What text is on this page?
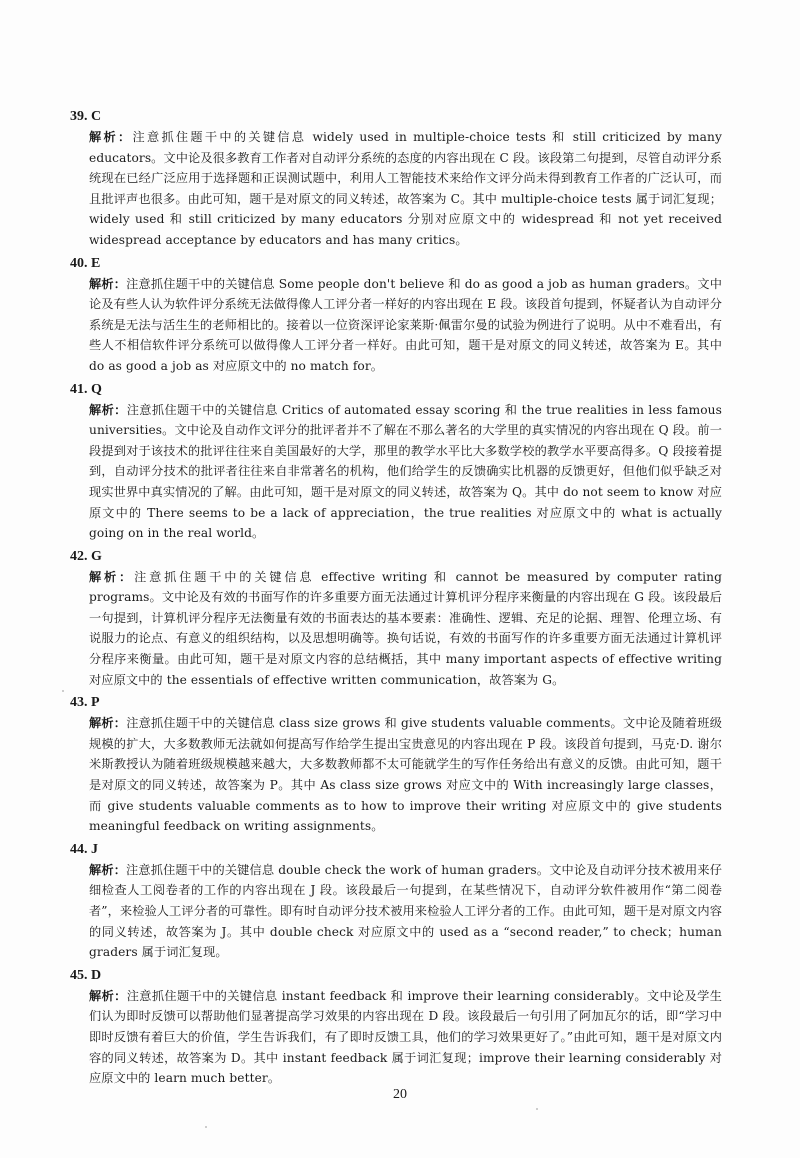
39. C

解析：注意抓住题干中的关键信息 widely used in multiple-choice tests 和 still criticized by many educators。文中论及很多教育工作者对自动评分系统的态度的内容出现在 C 段。该段第二句提到，尽管自动评分系统现在已经广泛应用于选择题和正误测试题中，利用人工智能技术来给作文评分尚未得到教育工作者的广泛认可，而且批评声也很多。由此可知，题干是对原文的同义转述，故答案为 C。其中 multiple-choice tests 属于词汇复现；widely used 和 still criticized by many educators 分别对应原文中的 widespread 和 not yet received widespread acceptance by educators and has many critics。

40. E

解析：注意抓住题干中的关键信息 Some people don't believe 和 do as good a job as human graders。文中论及有些人认为软件评分系统无法做得像人工评分者一样好的内容出现在 E 段。该段首句提到，怀疑者认为自动评分系统是无法与活生生的老师相比的。接着以一位资深评论家莱斯·佩雷尔曼的试验为例进行了说明。从中不难看出，有些人不相信软件评分系统可以做得像人工评分者一样好。由此可知，题干是对原文的同义转述，故答案为 E。其中 do as good a job as 对应原文中的 no match for。

41. Q

解析：注意抓住题干中的关键信息 Critics of automated essay scoring 和 the true realities in less famous universities。文中论及自动作文评分的批评者并不了解在不那么著名的大学里的真实情况的内容出现在 Q 段。前一段提到对于该技术的批评往往来自美国最好的大学，那里的教学水平比大多数学校的教学水平要高得多。Q 段接着提到，自动评分技术的批评者往往来自非常著名的机构，他们给学生的反馈确实比机器的反馈更好，但他们似乎缺乏对现实世界中真实情况的了解。由此可知，题干是对原文的同义转述，故答案为 Q。其中 do not seem to know 对应原文中的 There seems to be a lack of appreciation，the true realities 对应原文中的 what is actually going on in the real world。

42. G

解析：注意抓住题干中的关键信息 effective writing 和 cannot be measured by computer rating programs。文中论及有效的书面写作的许多重要方面无法通过计算机评分程序来衡量的内容出现在 G 段。该段最后一句提到，计算机评分程序无法衡量有效的书面表达的基本要素：准确性、逻辑、充足的论据、理智、伦理立场、有说服力的论点、有意义的组织结构，以及思想明确等。换句话说，有效的书面写作的许多重要方面无法通过计算机评分程序来衡量。由此可知，题干是对原文内容的总结概括，其中 many important aspects of effective writing 对应原文中的 the essentials of effective written communication，故答案为 G。

43. P

解析：注意抓住题干中的关键信息 class size grows 和 give students valuable comments。文中论及随着班级规模的扩大，大多数教师无法就如何提高写作给学生提出宝贵意见的内容出现在 P 段。该段首句提到，马克·D. 谢尔米斯教授认为随着班级规模越来越大，大多数教师都不太可能就学生的写作任务给出有意义的反馈。由此可知，题干是对原文的同义转述，故答案为 P。其中 As class size grows 对应文中的 With increasingly large classes，而 give students valuable comments as to how to improve their writing 对应原文中的 give students meaningful feedback on writing assignments。

44. J

解析：注意抓住题干中的关键信息 double check the work of human graders。文中论及自动评分技术被用来仔细检查人工阅卷者的工作的内容出现在 J 段。该段最后一句提到，在某些情况下，自动评分软件被用作“第二阅卷者”，来检验人工评分者的可靠性。即有时自动评分技术被用来检验人工评分者的工作。由此可知，题干是对原文内容的同义转述，故答案为 J。其中 double check 对应原文中的 used as a “second reader,” to check；human graders 属于词汇复现。

45. D

解析：注意抓住题干中的关键信息 instant feedback 和 improve their learning considerably。文中论及学生们认为即时反馈可以帮助他们显著提高学习效果的内容出现在 D 段。该段最后一句引用了阿加瓦尔的话，即“学习中即时反馈有着巨大的价值，学生告诉我们，有了即时反馈工具，他们的学习效果更好了。”由此可知，题干是对原文内容的同义转述，故答案为 D。其中 instant feedback 属于词汇复现；improve their learning considerably 对应原文中的 learn much better。

20
